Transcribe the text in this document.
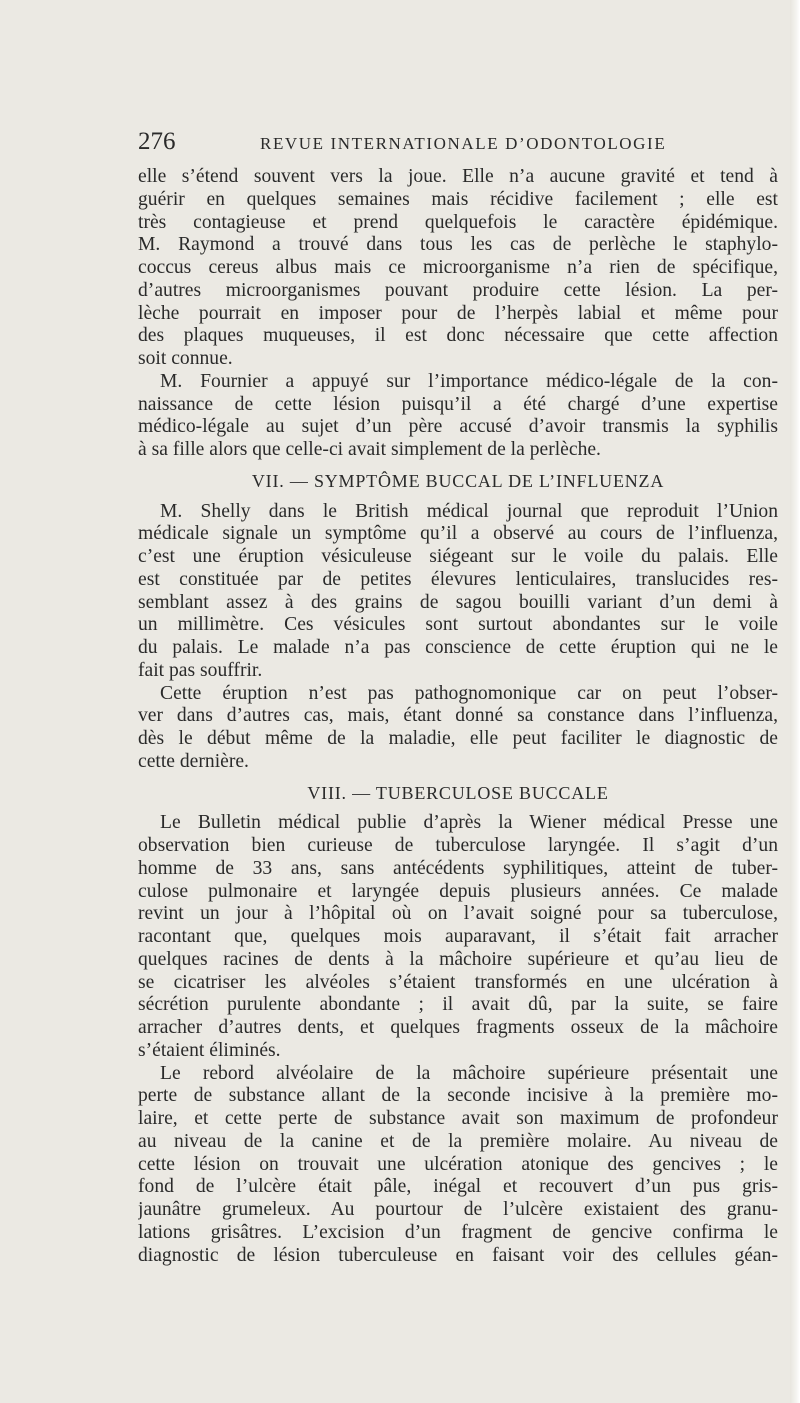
276	REVUE INTERNATIONALE D’ODONTOLOGIE
elle s’étend souvent vers la joue. Elle n’a aucune gravité et tend à
guérir en quelques semaines mais récidive facilement ; elle est
très contagieuse et prend quelquefois le caractère épidémique.
M. Raymond a trouvé dans tous les cas de perlèche le staphylo-
coccus cereus albus mais ce microorganisme n’a rien de spécifique,
d’autres microorganismes pouvant produire cette lésion. La per-
lèche pourrait en imposer pour de l’herpès labial et même pour
des plaques muqueuses, il est donc nécessaire que cette affection
soit connue.
M. Fournier a appuyé sur l’importance médico-légale de la con-
naissance de cette lésion puisqu’il a été chargé d’une expertise
médico-légale au sujet d’un père accusé d’avoir transmis la syphilis
à sa fille alors que celle-ci avait simplement de la perlèche.
VII. — SYMPTÔME BUCCAL DE L’INFLUENZA
M. Shelly dans le British médical journal que reproduit l’Union
médicale signale un symptôme qu’il a observé au cours de l’influenza,
c’est une éruption vésiculeuse siégeant sur le voile du palais. Elle
est constituée par de petites élevures lenticulaires, translucides res-
semblant assez à des grains de sagou bouilli variant d’un demi à
un millimètre. Ces vésicules sont surtout abondantes sur le voile
du palais. Le malade n’a pas conscience de cette éruption qui ne le
fait pas souffrir.
Cette éruption n’est pas pathognomonique car on peut l’obser-
ver dans d’autres cas, mais, étant donné sa constance dans l’influenza,
dès le début même de la maladie, elle peut faciliter le diagnostic de
cette dernière.
VIII. — TUBERCULOSE BUCCALE
Le Bulletin médical publie d’après la Wiener médical Presse une
observation bien curieuse de tuberculose laryngée. Il s’agit d’un
homme de 33 ans, sans antécédents syphilitiques, atteint de tuber-
culose pulmonaire et laryngée depuis plusieurs années. Ce malade
revint un jour à l’hôpital où on l’avait soigné pour sa tuberculose,
racontant que, quelques mois auparavant, il s’était fait arracher
quelques racines de dents à la mâchoire supérieure et qu’au lieu de
se cicatriser les alvéoles s’étaient transformés en une ulcération à
sécrétion purulente abondante ; il avait dû, par la suite, se faire
arracher d’autres dents, et quelques fragments osseux de la mâchoire
s’étaient éliminés.
Le rebord alvéolaire de la mâchoire supérieure présentait une
perte de substance allant de la seconde incisive à la première mo-
laire, et cette perte de substance avait son maximum de profondeur
au niveau de la canine et de la première molaire. Au niveau de
cette lésion on trouvait une ulcération atonique des gencives ; le
fond de l’ulcère était pâle, inégal et recouvert d’un pus gris-
jaunâtre grumeleux. Au pourtour de l’ulcère existaient des granu-
lations grisâtres. L’excision d’un fragment de gencive confirma le
diagnostic de lésion tuberculeuse en faisant voir des cellules géan-
